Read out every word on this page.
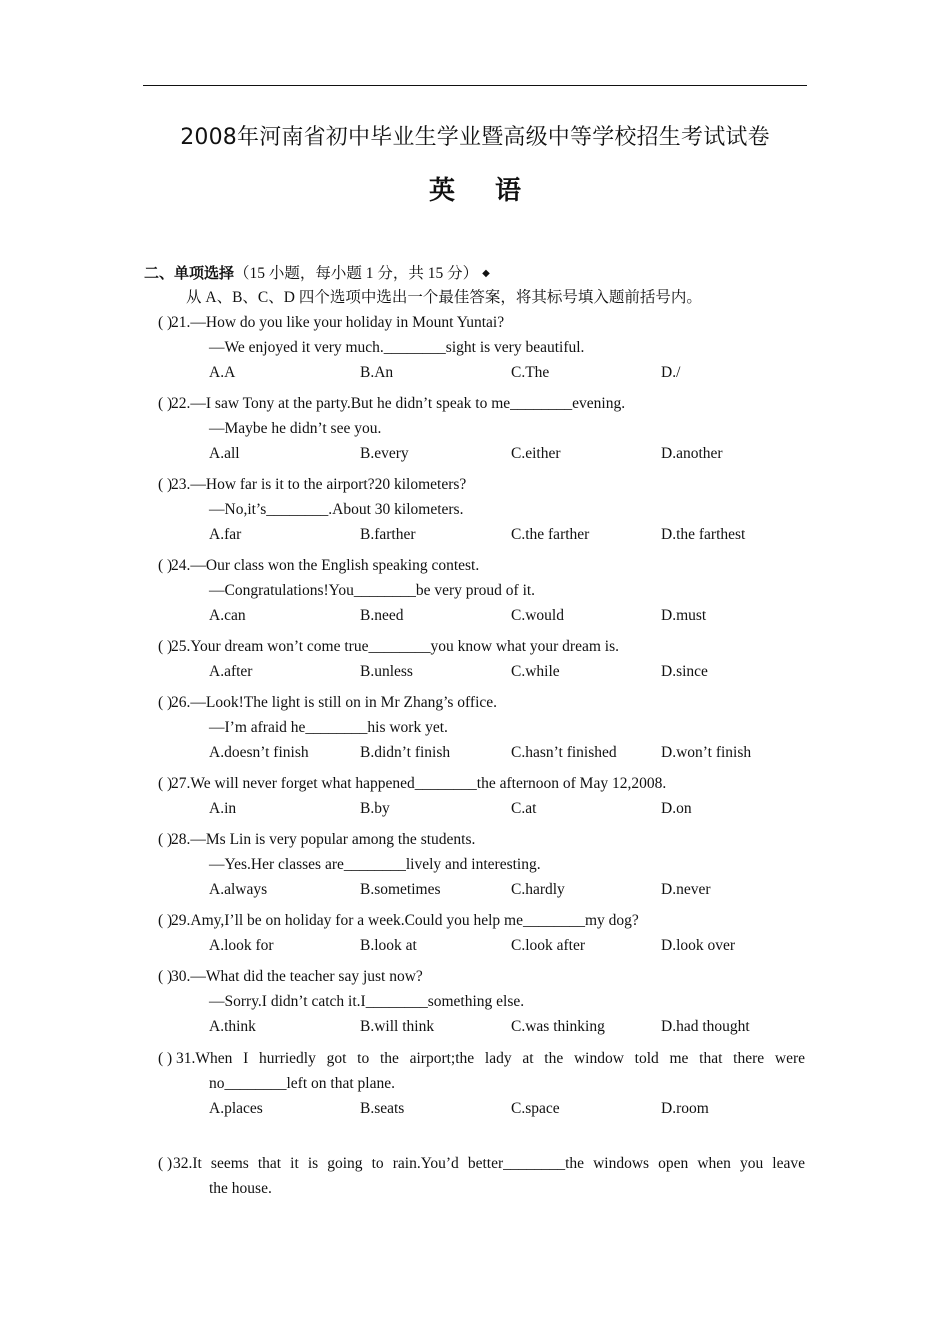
2008年河南省初中毕业生学业暨高级中等学校招生考试试卷
英 语
二、单项选择（15 小题，每小题 1 分，共 15 分） ◆
从 A、B、C、D 四个选项中选出一个最佳答案，将其标号填入题前括号内。
( )
21.—How do you like your holiday in Mount Yuntai?
—We enjoyed it very much.________sight is very beautiful.
A.A	B.An	C.The	D./
( )
22.—I saw Tony at the party.But he didn’t speak to me________evening.
—Maybe he didn’t see you.
A.all	B.every	C.either	D.another
( )
23.—How far is it to the airport?20 kilometers?
—No,it’s________.About 30 kilometers.
A.far	B.farther	C.the farther	D.the farthest
( )
24.—Our class won the English speaking contest.
—Congratulations!You________be very proud of it.
A.can	B.need	C.would	D.must
( )
25.Your dream won’t come true________you know what your dream is.
A.after	B.unless	C.while	D.since
( )
26.—Look!The light is still on in Mr Zhang’s office.
—I’m afraid he________his work yet.
A.doesn’t finish	B.didn’t finish	C.hasn’t finished	D.won’t finish
( )
27.We will never forget what happened________the afternoon of May 12,2008.
A.in	B.by	C.at	D.on
( )
28.—Ms Lin is very popular among the students.
—Yes.Her classes are________lively and interesting.
A.always	B.sometimes	C.hardly	D.never
( )
29.Amy,I’ll be on holiday for a week.Could you help me________my dog?
A.look for	B.look at	C.look after	D.look over
( )
30.—What did the teacher say just now?
—Sorry.I didn’t catch it.I________something else.
A.think	B.will think	C.was thinking	D.had thought
( ) 31.When I hurriedly got to the airport;the lady at the window told me that there were
no________left on that plane.
A.places	B.seats	C.space	D.room
( ) 32.It seems that it is going to rain.You’d better________the windows open when you leave
the house.
